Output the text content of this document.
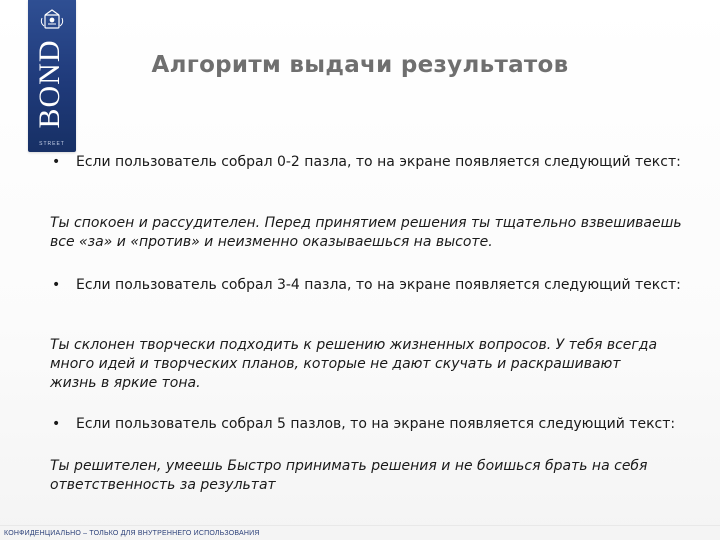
BOND
STREET
Алгоритм выдачи результатов
• Если пользователь собрал 0-2 пазла, то на экране появляется следующий текст:
Ты спокоен и рассудителен. Перед принятием решения ты тщательно взвешиваешь все «за» и «против» и неизменно оказываешься на высоте.
• Если пользователь собрал 3-4 пазла, то на экране появляется следующий текст:
Ты склонен творчески подходить к решению жизненных вопросов. У тебя всегда много идей и творческих планов, которые не дают скучать и раскрашивают жизнь в яркие тона.
• Если пользователь собрал 5 пазлов, то на экране появляется следующий текст:
Ты решителен, умеешь Быстро принимать решения и не боишься брать на себя ответственность за результат
КОНФИДЕНЦИАЛЬНО – ТОЛЬКО ДЛЯ ВНУТРЕННЕГО ИСПОЛЬЗОВАНИЯ
